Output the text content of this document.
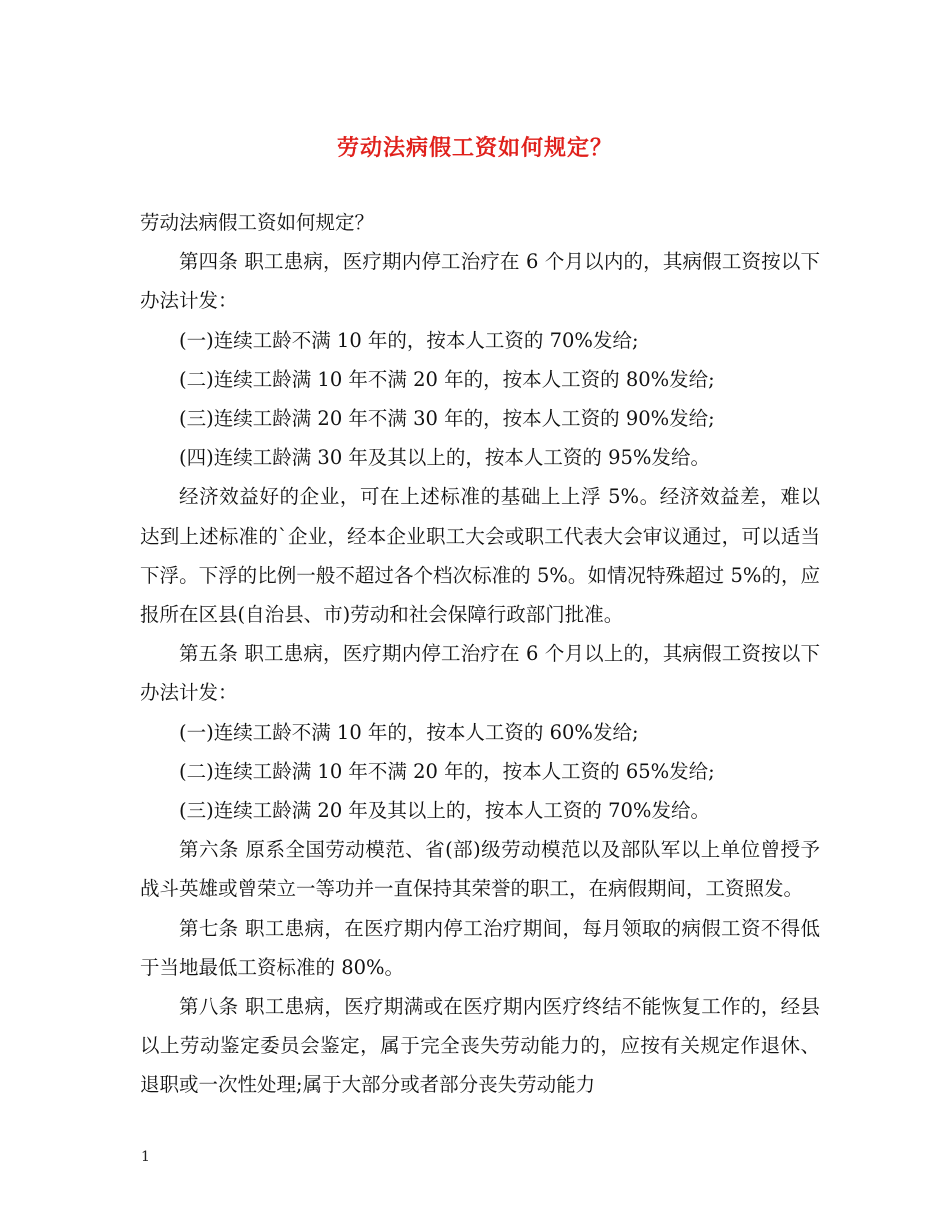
劳动法病假工资如何规定？

劳动法病假工资如何规定？

第四条 职工患病，医疗期内停工治疗在 6 个月以内的，其病假工资按以下办法计发：

(一)连续工龄不满 10 年的，按本人工资的 70%发给;

(二)连续工龄满 10 年不满 20 年的，按本人工资的 80%发给;

(三)连续工龄满 20 年不满 30 年的，按本人工资的 90%发给;

(四)连续工龄满 30 年及其以上的，按本人工资的 95%发给。

经济效益好的企业，可在上述标准的基础上上浮 5%。经济效益差，难以达到上述标准的`企业，经本企业职工大会或职工代表大会审议通过，可以适当下浮。下浮的比例一般不超过各个档次标准的 5%。如情况特殊超过 5%的，应报所在区县(自治县、市)劳动和社会保障行政部门批准。

第五条 职工患病，医疗期内停工治疗在 6 个月以上的，其病假工资按以下办法计发：

(一)连续工龄不满 10 年的，按本人工资的 60%发给;

(二)连续工龄满 10 年不满 20 年的，按本人工资的 65%发给;

(三)连续工龄满 20 年及其以上的，按本人工资的 70%发给。

第六条 原系全国劳动模范、省(部)级劳动模范以及部队军以上单位曾授予战斗英雄或曾荣立一等功并一直保持其荣誉的职工，在病假期间，工资照发。

第七条 职工患病，在医疗期内停工治疗期间，每月领取的病假工资不得低于当地最低工资标准的 80%。

第八条 职工患病，医疗期满或在医疗期内医疗终结不能恢复工作的，经县以上劳动鉴定委员会鉴定，属于完全丧失劳动能力的，应按有关规定作退休、退职或一次性处理;属于大部分或者部分丧失劳动能力

1
